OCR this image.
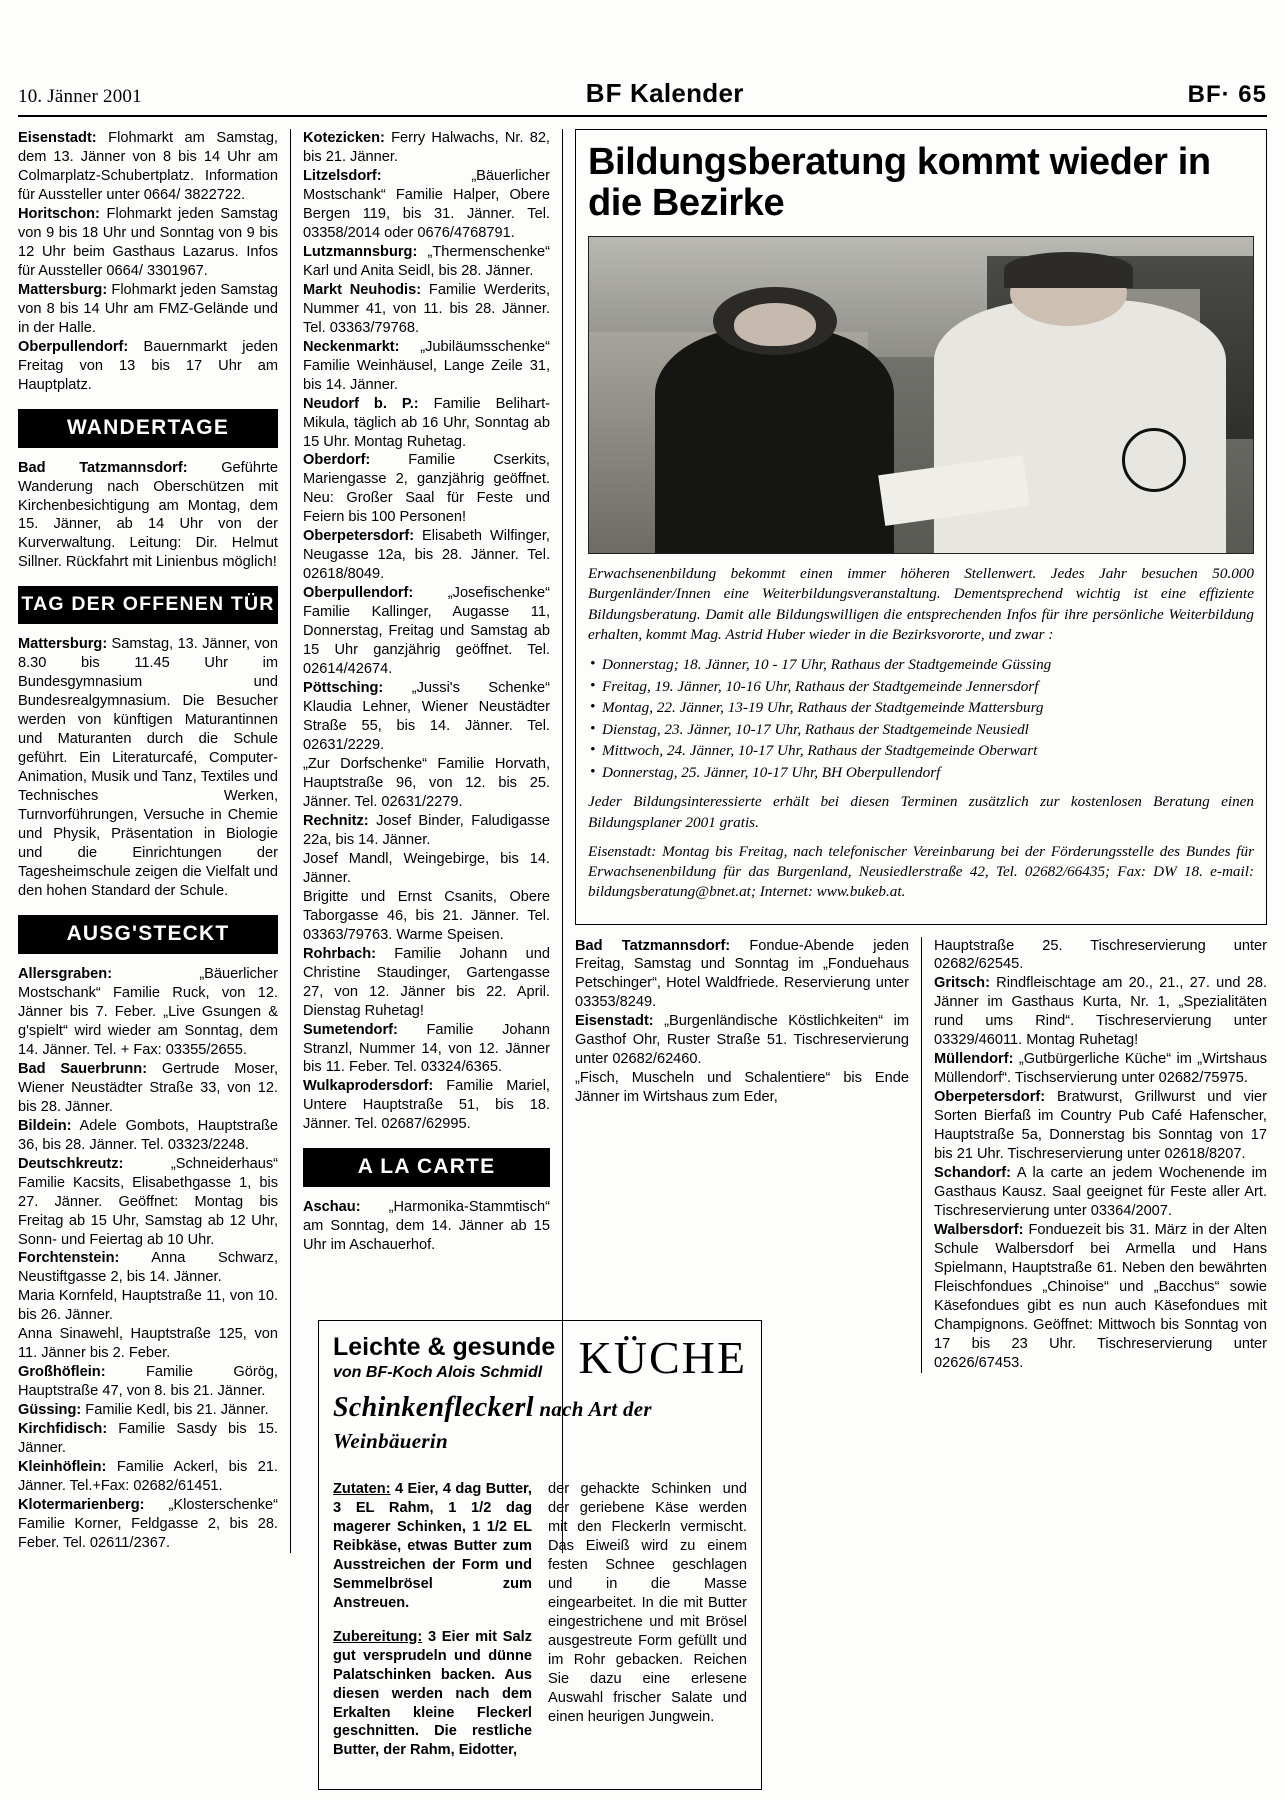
10. Jänner 2001	BF Kalender	BF· 65

Eisenstadt: Flohmarkt am Samstag, dem 13. Jänner von 8 bis 14 Uhr am Colmarplatz-Schubertplatz. Information für Aussteller unter 0664/ 3822722.

Horitschon: Flohmarkt jeden Samstag von 9 bis 18 Uhr und Sonntag von 9 bis 12 Uhr beim Gasthaus Lazarus. Infos für Aussteller 0664/ 3301967.

Mattersburg: Flohmarkt jeden Samstag von 8 bis 14 Uhr am FMZ-Gelände und in der Halle.

Oberpullendorf: Bauernmarkt jeden Freitag von 13 bis 17 Uhr am Hauptplatz.

WANDERTAGE

Bad Tatzmannsdorf: Geführte Wanderung nach Oberschützen mit Kirchenbesichtigung am Montag, dem 15. Jänner, ab 14 Uhr von der Kurverwaltung. Leitung: Dir. Helmut Sillner. Rückfahrt mit Linienbus möglich!

TAG DER OFFENEN TÜR

Mattersburg: Samstag, 13. Jänner, von 8.30 bis 11.45 Uhr im Bundesgymnasium und Bundesrealgymnasium. Die Besucher werden von künftigen Maturantinnen und Maturanten durch die Schule geführt. Ein Literaturcafé, Computer-Animation, Musik und Tanz, Textiles und Technisches Werken, Turnvorführungen, Versuche in Chemie und Physik, Präsentation in Biologie und die Einrichtungen der Tagesheimschule zeigen die Vielfalt und den hohen Standard der Schule.

AUSG'STECKT

Allersgraben: „Bäuerlicher Mostschank“ Familie Ruck, von 12. Jänner bis 7. Feber. „Live Gsungen & g'spielt“ wird wieder am Sonntag, dem 14. Jänner. Tel. + Fax: 03355/2655.

Bad Sauerbrunn: Gertrude Moser, Wiener Neustädter Straße 33, von 12. bis 28. Jänner.

Bildein: Adele Gombots, Hauptstraße 36, bis 28. Jänner. Tel. 03323/2248.

Deutschkreutz: „Schneiderhaus“ Familie Kacsits, Elisabethgasse 1, bis 27. Jänner. Geöffnet: Montag bis Freitag ab 15 Uhr, Samstag ab 12 Uhr, Sonn- und Feiertag ab 10 Uhr.

Forchtenstein: Anna Schwarz, Neustiftgasse 2, bis 14. Jänner.

Maria Kornfeld, Hauptstraße 11, von 10. bis 26. Jänner.

Anna Sinawehl, Hauptstraße 125, von 11. Jänner bis 2. Feber.

Großhöflein: Familie Görög, Hauptstraße 47, von 8. bis 21. Jänner.

Güssing: Familie Kedl, bis 21. Jänner.

Kirchfidisch: Familie Sasdy bis 15. Jänner.

Kleinhöflein: Familie Ackerl, bis 21. Jänner. Tel.+Fax: 02682/61451.

Klotermarienberg: „Klosterschenke“ Familie Korner, Feldgasse 2, bis 28. Feber. Tel. 02611/2367.

Kotezicken: Ferry Halwachs, Nr. 82, bis 21. Jänner.

Litzelsdorf: „Bäuerlicher Mostschank“ Familie Halper, Obere Bergen 119, bis 31. Jänner. Tel. 03358/2014 oder 0676/4768791.

Lutzmannsburg: „Thermenschenke“ Karl und Anita Seidl, bis 28. Jänner.

Markt Neuhodis: Familie Werderits, Nummer 41, von 11. bis 28. Jänner. Tel. 03363/79768.

Neckenmarkt: „Jubiläumsschenke“ Familie Weinhäusel, Lange Zeile 31, bis 14. Jänner.

Neudorf b. P.: Familie Belihart-Mikula, täglich ab 16 Uhr, Sonntag ab 15 Uhr. Montag Ruhetag.

Oberdorf: Familie Cserkits, Mariengasse 2, ganzjährig geöffnet. Neu: Großer Saal für Feste und Feiern bis 100 Personen!

Oberpetersdorf: Elisabeth Wilfinger, Neugasse 12a, bis 28. Jänner. Tel. 02618/8049.

Oberpullendorf: „Josefischenke“ Familie Kallinger, Augasse 11, Donnerstag, Freitag und Samstag ab 15 Uhr ganzjährig geöffnet. Tel. 02614/42674.

Pöttsching: „Jussi's Schenke“ Klaudia Lehner, Wiener Neustädter Straße 55, bis 14. Jänner. Tel. 02631/2229.

„Zur Dorfschenke“ Familie Horvath, Hauptstraße 96, von 12. bis 25. Jänner. Tel. 02631/2279.

Rechnitz: Josef Binder, Faludigasse 22a, bis 14. Jänner.

Josef Mandl, Weingebirge, bis 14. Jänner.

Brigitte und Ernst Csanits, Obere Taborgasse 46, bis 21. Jänner. Tel. 03363/79763. Warme Speisen.

Rohrbach: Familie Johann und Christine Staudinger, Gartengasse 27, von 12. Jänner bis 22. April. Dienstag Ruhetag!

Sumetendorf: Familie Johann Stranzl, Nummer 14, von 12. Jänner bis 11. Feber. Tel. 03324/6365.

Wulkaprodersdorf: Familie Mariel, Untere Hauptstraße 51, bis 18. Jänner. Tel. 02687/62995.

A LA CARTE

Aschau: „Harmonika-Stammtisch“ am Sonntag, dem 14. Jänner ab 15 Uhr im Aschauerhof.

Bildungsberatung kommt wieder in die Bezirke

Erwachsenenbildung bekommt einen immer höheren Stellenwert. Jedes Jahr besuchen 50.000 Burgenländer/Innen eine Weiterbildungsveranstaltung. Dementsprechend wichtig ist eine effiziente Bildungsberatung. Damit alle Bildungswilligen die entsprechenden Infos für ihre persönliche Weiterbildung erhalten, kommt Mag. Astrid Huber wieder in die Bezirksvororte, und zwar :

• Donnerstag; 18. Jänner, 10 - 17 Uhr, Rathaus der Stadtgemeinde Güssing
• Freitag, 19. Jänner, 10-16 Uhr, Rathaus der Stadtgemeinde Jennersdorf
• Montag, 22. Jänner, 13-19 Uhr, Rathaus der Stadtgemeinde Mattersburg
• Dienstag, 23. Jänner, 10-17 Uhr, Rathaus der Stadtgemeinde Neusiedl
• Mittwoch, 24. Jänner, 10-17 Uhr, Rathaus der Stadtgemeinde Oberwart
• Donnerstag, 25. Jänner, 10-17 Uhr, BH Oberpullendorf

Jeder Bildungsinteressierte erhält bei diesen Terminen zusätzlich zur kostenlosen Beratung einen Bildungsplaner 2001 gratis.

Eisenstadt: Montag bis Freitag, nach telefonischer Vereinbarung bei der Förderungsstelle des Bundes für Erwachsenenbildung für das Burgenland, Neusiedlerstraße 42, Tel. 02682/66435; Fax: DW 18. e-mail: bildungsberatung@bnet.at; Internet: www.bukeb.at.

Bad Tatzmannsdorf: Fondue-Abende jeden Freitag, Samstag und Sonntag im „Fonduehaus Petschinger“, Hotel Waldfriede. Reservierung unter 03353/8249.

Eisenstadt: „Burgenländische Köstlichkeiten“ im Gasthof Ohr, Ruster Straße 51. Tischreservierung unter 02682/62460.

„Fisch, Muscheln und Schalentiere“ bis Ende Jänner im Wirtshaus zum Eder,

Hauptstraße 25. Tischreservierung unter 02682/62545.

Gritsch: Rindfleischtage am 20., 21., 27. und 28. Jänner im Gasthaus Kurta, Nr. 1, „Spezialitäten rund ums Rind“. Tischreservierung unter 03329/46011. Montag Ruhetag!

Müllendorf: „Gutbürgerliche Küche“ im „Wirtshaus Müllendorf“. Tischservierung unter 02682/75975.

Oberpetersdorf: Bratwurst, Grillwurst und vier Sorten Bierfaß im Country Pub Café Hafenscher, Hauptstraße 5a, Donnerstag bis Sonntag von 17 bis 21 Uhr. Tischreservierung unter 02618/8207.

Schandorf: A la carte an jedem Wochenende im Gasthaus Kausz. Saal geeignet für Feste aller Art. Tischreservierung unter 03364/2007.

Walbersdorf: Fonduezeit bis 31. März in der Alten Schule Walbersdorf bei Armella und Hans Spielmann, Hauptstraße 61. Neben den bewährten Fleischfondues „Chinoise“ und „Bacchus“ sowie Käsefondues gibt es nun auch Käsefondues mit Champignons. Geöffnet: Mittwoch bis Sonntag von 17 bis 23 Uhr. Tischreservierung unter 02626/67453.

Leichte & gesunde
von BF-Koch Alois Schmidl KÜCHE
Schinkenfleckerl nach Art der Weinbäuerin

Zutaten: 4 Eier, 4 dag Butter, 3 EL Rahm, 1 1/2 dag magerer Schinken, 1 1/2 EL Reibkäse, etwas Butter zum Ausstreichen der Form und Semmelbrösel zum Anstreuen.

Zubereitung: 3 Eier mit Salz gut versprudeln und dünne Palatschinken backen. Aus diesen werden nach dem Erkalten kleine Fleckerl geschnitten. Die restliche Butter, der Rahm, Eidotter,

der gehackte Schinken und der geriebene Käse werden mit den Fleckerln vermischt. Das Eiweiß wird zu einem festen Schnee geschlagen und in die Masse eingearbeitet. In die mit Butter eingestrichene und mit Brösel ausgestreute Form gefüllt und im Rohr gebacken. Reichen Sie dazu eine erlesene Auswahl frischer Salate und einen heurigen Jungwein.
